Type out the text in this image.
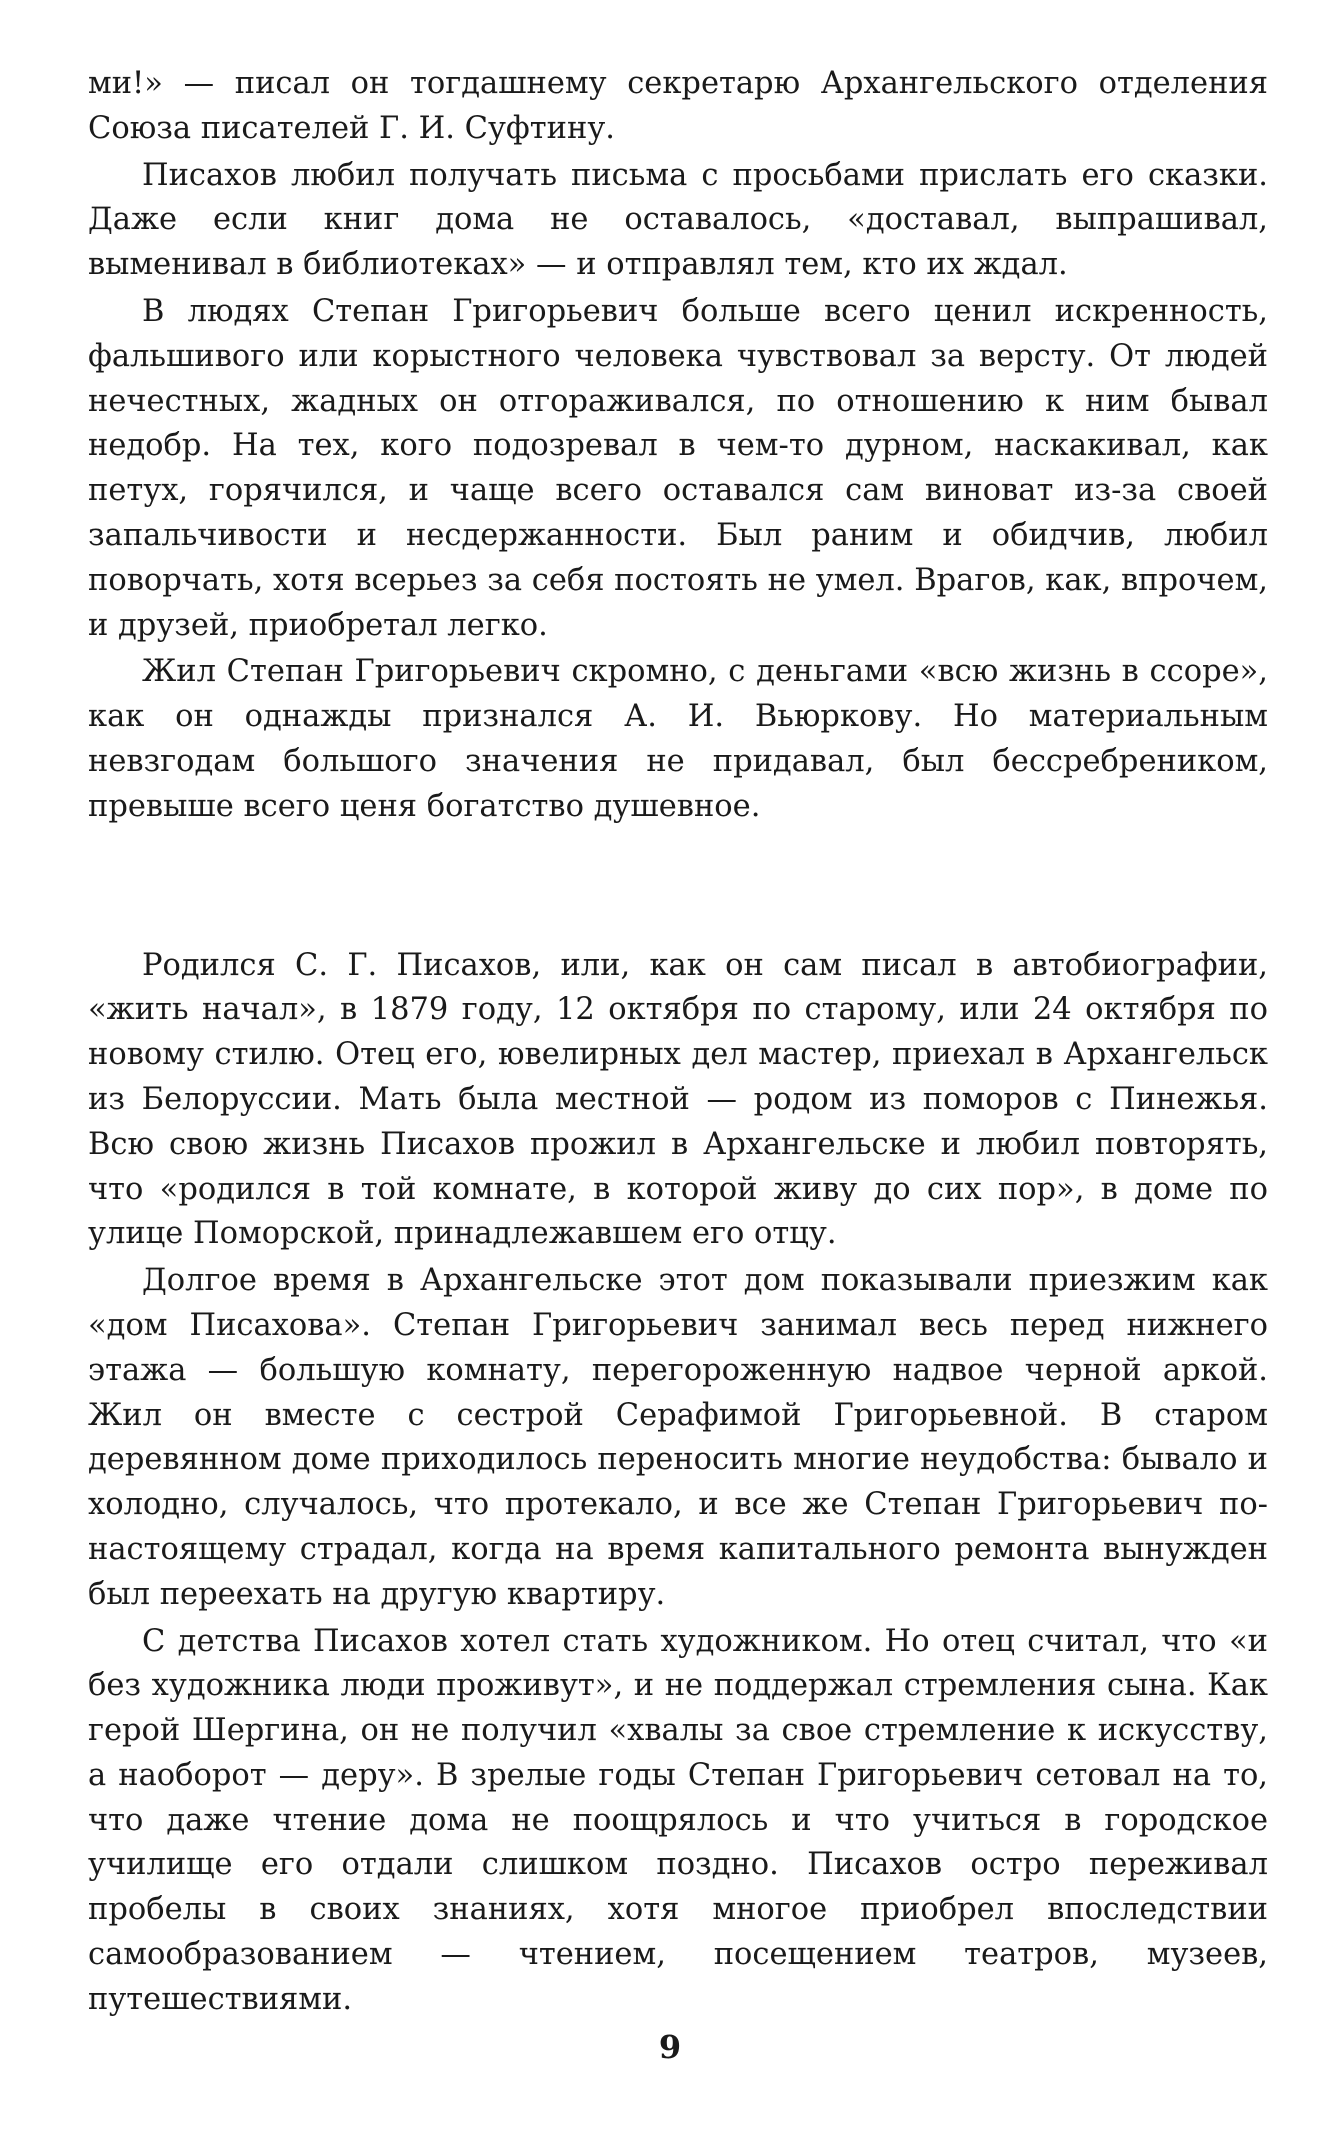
ми!» — писал он тогдашнему секретарю Архангельского отделения Союза писателей Г. И. Суфтину.

Писахов любил получать письма с просьбами прислать его сказки. Даже если книг дома не оставалось, «доставал, выпрашивал, выменивал в библиотеках» — и отправлял тем, кто их ждал.

В людях Степан Григорьевич больше всего ценил искренность, фальшивого или корыстного человека чувствовал за версту. От людей нечестных, жадных он отгораживался, по отношению к ним бывал недобр. На тех, кого подозревал в чем-то дурном, наскакивал, как петух, горячился, и чаще всего оставался сам виноват из-за своей запальчивости и несдержанности. Был раним и обидчив, любил поворчать, хотя всерьез за себя постоять не умел. Врагов, как, впрочем, и друзей, приобретал легко.

Жил Степан Григорьевич скромно, с деньгами «всю жизнь в ссоре», как он однажды признался А. И. Вьюркову. Но материальным невзгодам большого значения не придавал, был бессребреником, превыше всего ценя богатство душевное.

Родился С. Г. Писахов, или, как он сам писал в автобиографии, «жить начал», в 1879 году, 12 октября по старому, или 24 октября по новому стилю. Отец его, ювелирных дел мастер, приехал в Архангельск из Белоруссии. Мать была местной — родом из поморов с Пинежья. Всю свою жизнь Писахов прожил в Архангельске и любил повторять, что «родился в той комнате, в которой живу до сих пор», в доме по улице Поморской, принадлежавшем его отцу.

Долгое время в Архангельске этот дом показывали приезжим как «дом Писахова». Степан Григорьевич занимал весь перед нижнего этажа — большую комнату, перегороженную надвое черной аркой. Жил он вместе с сестрой Серафимой Григорьевной. В старом деревянном доме приходилось переносить многие неудобства: бывало и холодно, случалось, что протекало, и все же Степан Григорьевич по-настоящему страдал, когда на время капитального ремонта вынужден был переехать на другую квартиру.

С детства Писахов хотел стать художником. Но отец считал, что «и без художника люди проживут», и не поддержал стремления сына. Как герой Шергина, он не получил «хвалы за свое стремление к искусству, а наоборот — деру». В зрелые годы Степан Григорьевич сетовал на то, что даже чтение дома не поощрялось и что учиться в городское училище его отдали слишком поздно. Писахов остро переживал пробелы в своих знаниях, хотя многое приобрел впоследствии самообразованием — чтением, посещением театров, музеев, путешествиями.

9
